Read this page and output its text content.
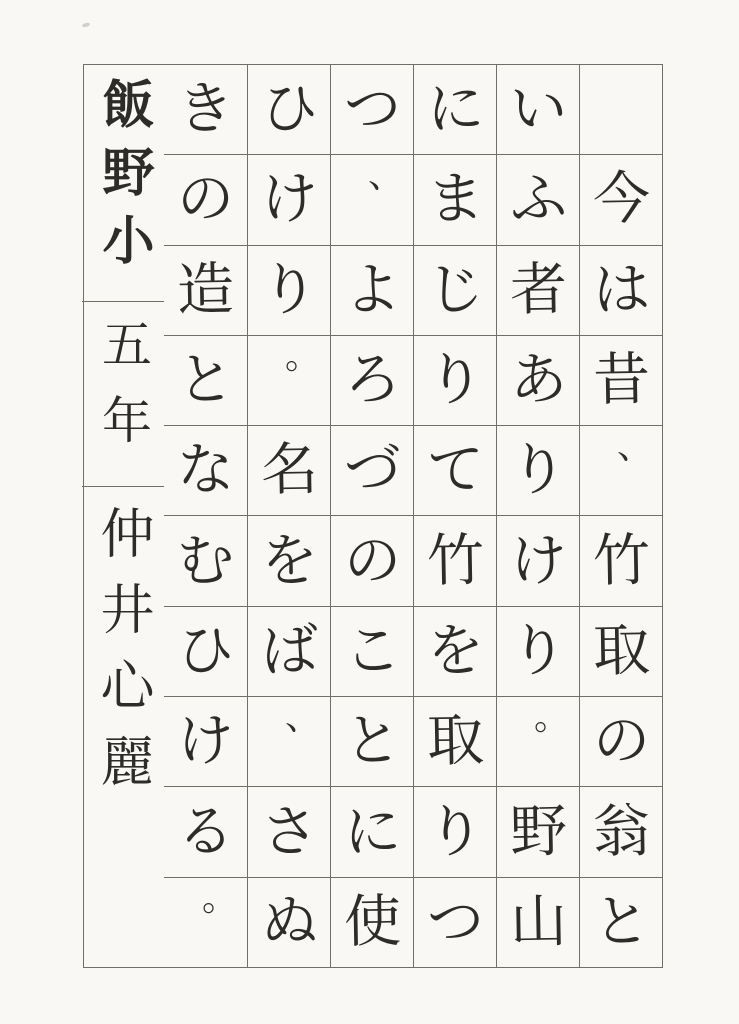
今
は
昔
、
竹
取
の
翁
と
い
ふ
者
あ
り
け
り
。
野
山
に
ま
じ
り
て
竹
を
取
り
つ
つ
、
よ
ろ
づ
の
こ
と
に
使
ひ
け
り
。
名
を
ば
、
さ
ぬ
き
の
造
と
な
む
ひ
け
る
。
飯野小
五年
仲井心麗
